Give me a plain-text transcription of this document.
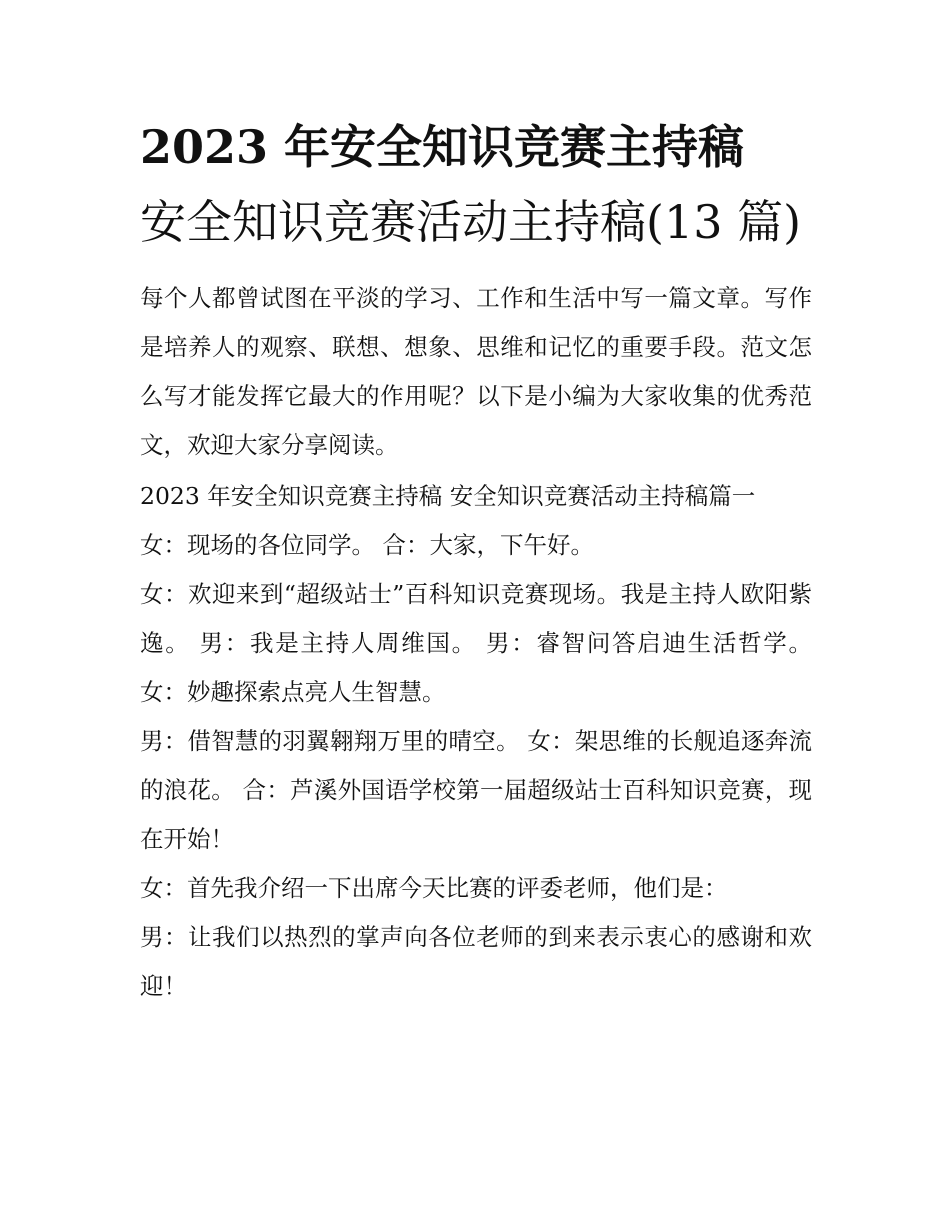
2023 年安全知识竞赛主持稿
安全知识竞赛活动主持稿(13 篇)

每个人都曾试图在平淡的学习、工作和生活中写一篇文章。写作是培养人的观察、联想、想象、思维和记忆的重要手段。范文怎么写才能发挥它最大的作用呢？以下是小编为大家收集的优秀范文，欢迎大家分享阅读。

2023 年安全知识竞赛主持稿 安全知识竞赛活动主持稿篇一

女：现场的各位同学。 合：大家，下午好。

女：欢迎来到“超级站士”百科知识竞赛现场。我是主持人欧阳紫逸。 男：我是主持人周维国。 男：睿智问答启迪生活哲学。 女：妙趣探索点亮人生智慧。

男：借智慧的羽翼翱翔万里的晴空。 女：架思维的长舰追逐奔流的浪花。 合：芦溪外国语学校第一届超级站士百科知识竞赛，现在开始！

女：首先我介绍一下出席今天比赛的评委老师，他们是：

男：让我们以热烈的掌声向各位老师的到来表示衷心的感谢和欢迎！
